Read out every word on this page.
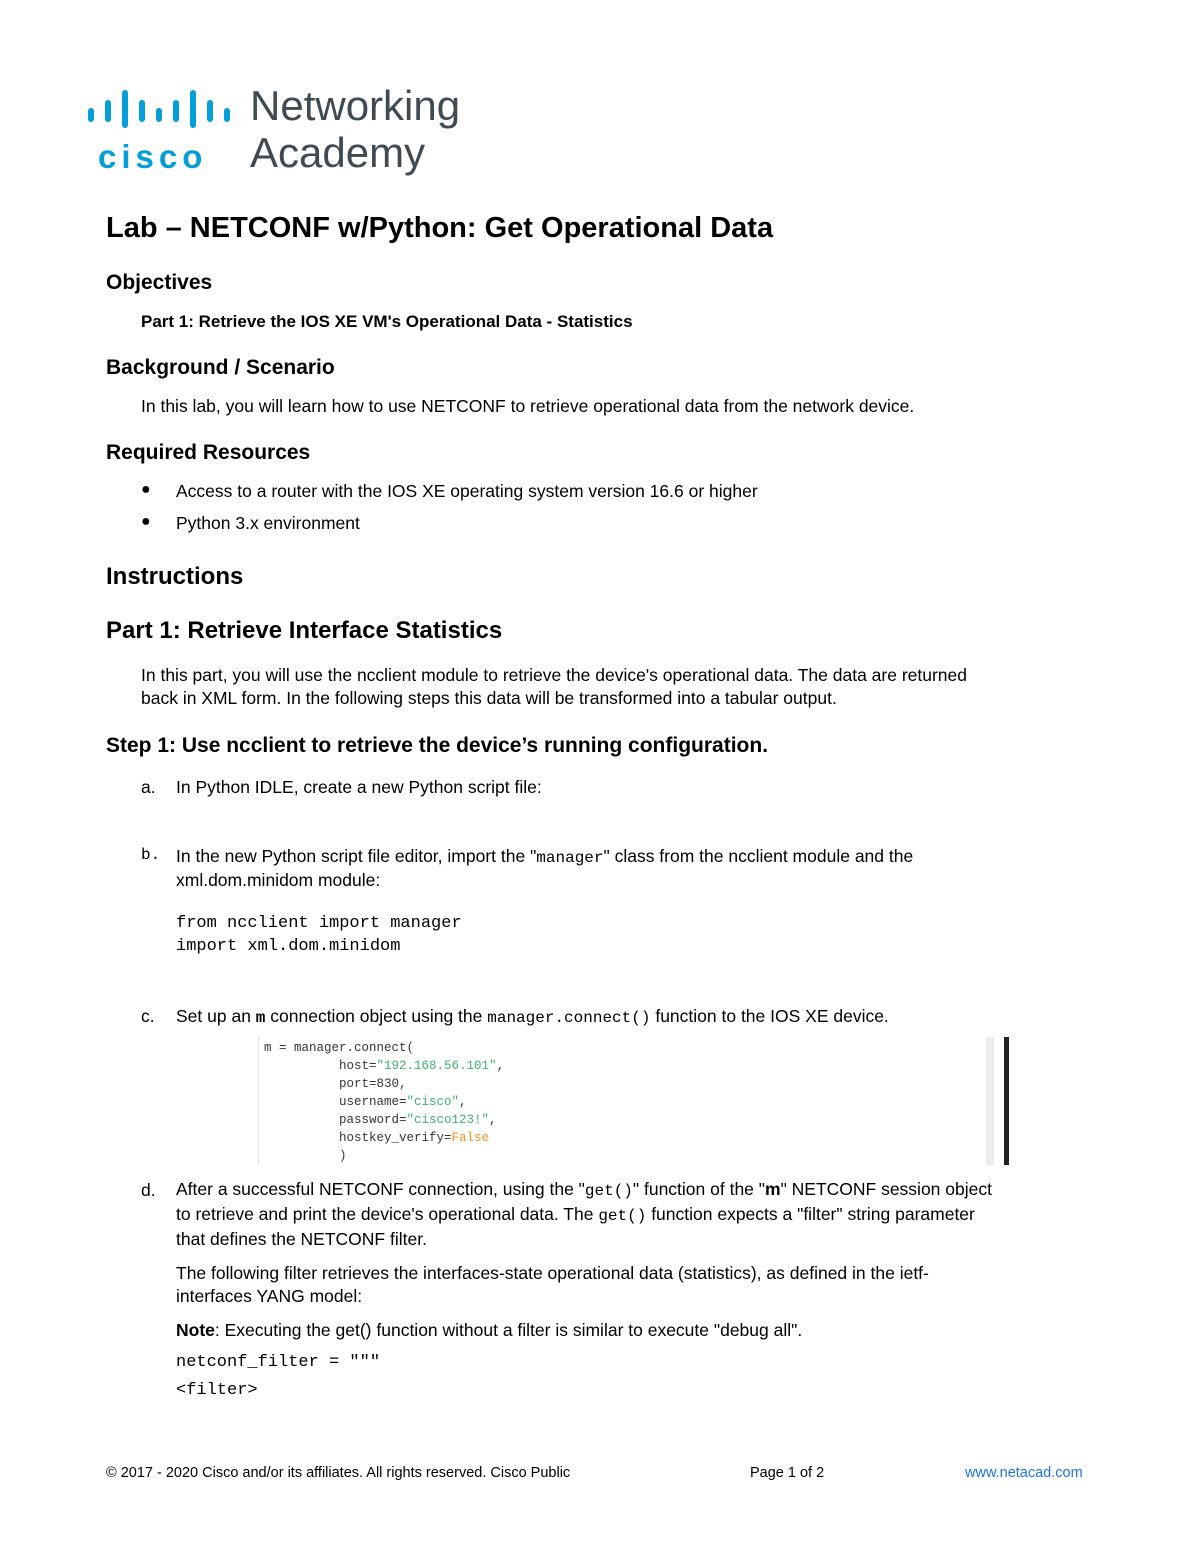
cisco
Networking
Academy
Lab – NETCONF w/Python: Get Operational Data
Objectives
Part 1: Retrieve the IOS XE VM's Operational Data - Statistics
Background / Scenario
In this lab, you will learn how to use NETCONF to retrieve operational data from the network device.
Required Resources
● Access to a router with the IOS XE operating system version 16.6 or higher
● Python 3.x environment
Instructions
Part 1: Retrieve Interface Statistics
In this part, you will use the ncclient module to retrieve the device's operational data. The data are returned
back in XML form. In the following steps this data will be transformed into a tabular output.
Step 1: Use ncclient to retrieve the device’s running configuration.
a. In Python IDLE, create a new Python script file:
b. In the new Python script file editor, import the "manager" class from the ncclient module and the
xml.dom.minidom module:
from ncclient import manager
import xml.dom.minidom
c. Set up an m connection object using the manager.connect() function to the IOS XE device.
m = manager.connect(
host="192.168.56.101",
port=830,
username="cisco",
password="cisco123!",
hostkey_verify=False
)
d. After a successful NETCONF connection, using the "get()" function of the "m" NETCONF session object
to retrieve and print the device's operational data. The get() function expects a "filter" string parameter
that defines the NETCONF filter.
The following filter retrieves the interfaces-state operational data (statistics), as defined in the ietf-
interfaces YANG model:
Note: Executing the get() function without a filter is similar to execute "debug all".
netconf_filter = """
<filter>
© 2017 - 2020 Cisco and/or its affiliates. All rights reserved. Cisco Public	Page 1 of 2	www.netacad.com
